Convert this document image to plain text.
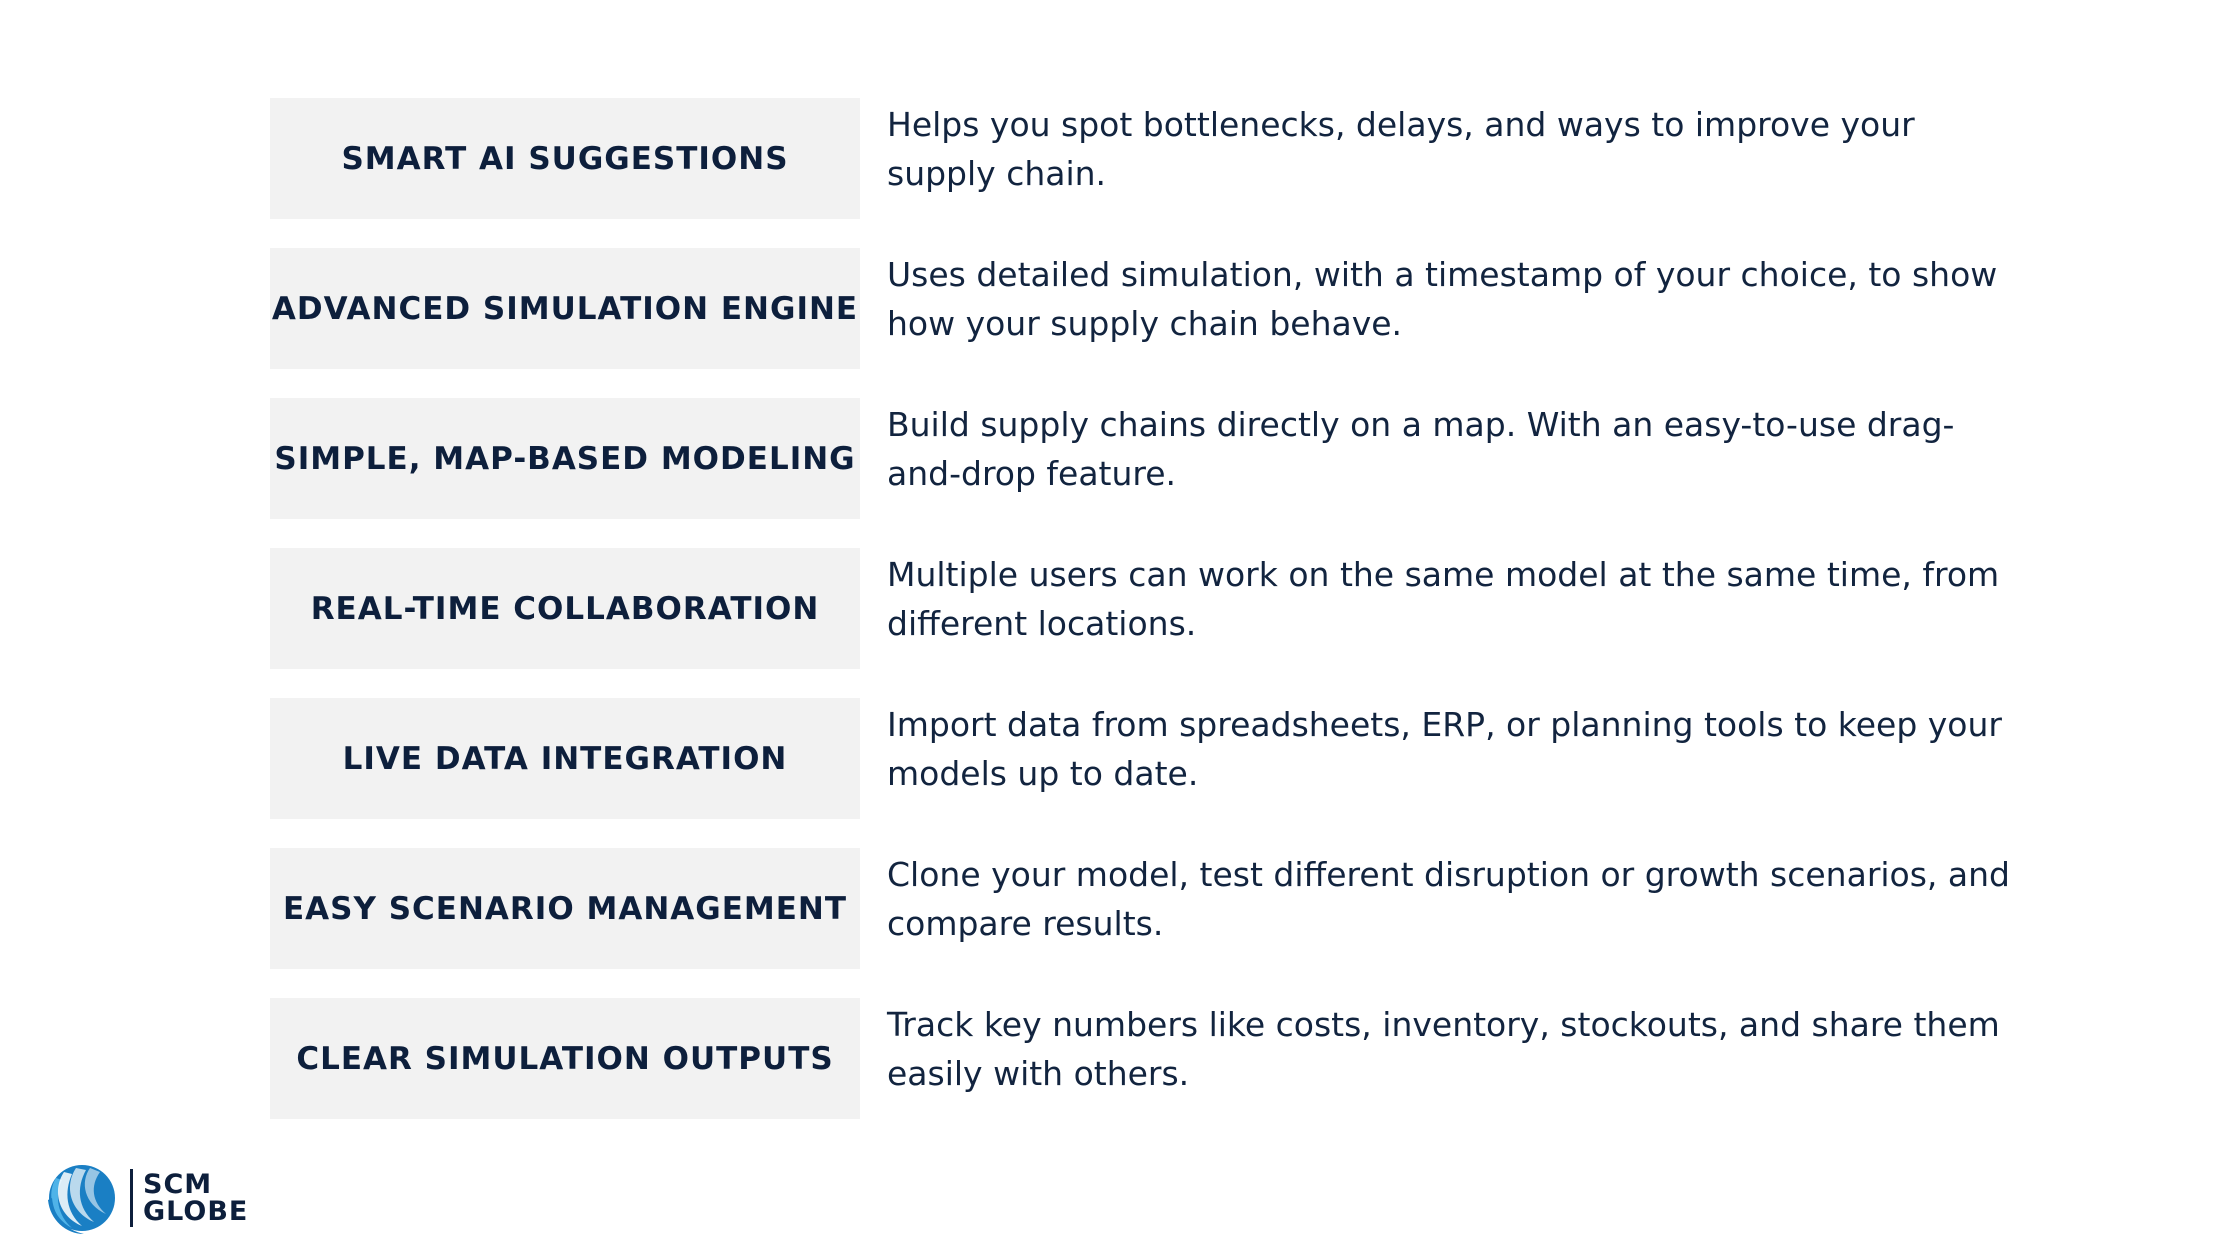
SMART AI SUGGESTIONS
Helps you spot bottlenecks, delays, and ways to improve your supply chain.
ADVANCED SIMULATION ENGINE
Uses detailed simulation, with a timestamp of your choice, to show how your supply chain behave.
SIMPLE, MAP-BASED MODELING
Build supply chains directly on a map. With an easy-to-use drag-and-drop feature.
REAL-TIME COLLABORATION
Multiple users can work on the same model at the same time, from different locations.
LIVE DATA INTEGRATION
Import data from spreadsheets, ERP, or planning tools to keep your models up to date.
EASY SCENARIO MANAGEMENT
Clone your model, test different disruption or growth scenarios, and compare results.
CLEAR SIMULATION OUTPUTS
Track key numbers like costs, inventory, stockouts, and share them easily with others.
SCM
GLOBE
